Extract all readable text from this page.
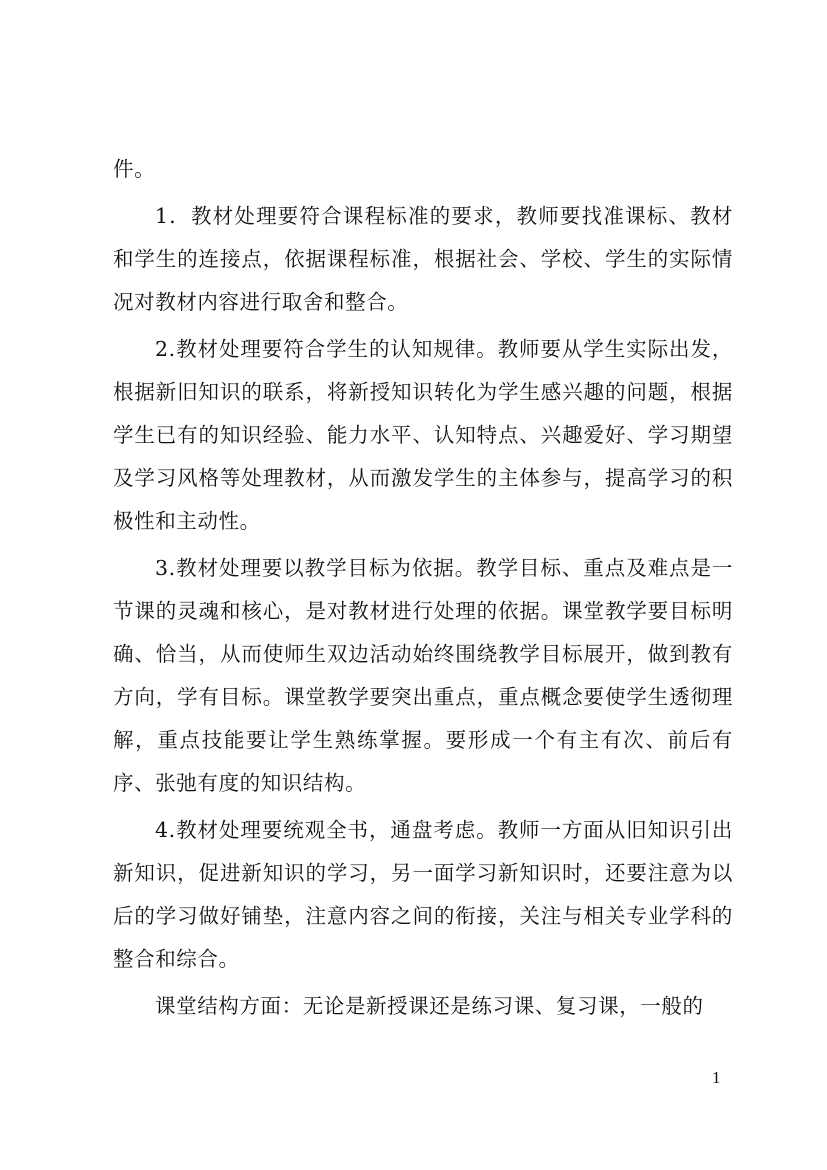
件。

1．教材处理要符合课程标准的要求，教师要找准课标、教材和学生的连接点，依据课程标准，根据社会、学校、学生的实际情况对教材内容进行取舍和整合。

2.教材处理要符合学生的认知规律。教师要从学生实际出发，根据新旧知识的联系，将新授知识转化为学生感兴趣的问题，根据学生已有的知识经验、能力水平、认知特点、兴趣爱好、学习期望及学习风格等处理教材，从而激发学生的主体参与，提高学习的积极性和主动性。

3.教材处理要以教学目标为依据。教学目标、重点及难点是一节课的灵魂和核心，是对教材进行处理的依据。课堂教学要目标明确、恰当，从而使师生双边活动始终围绕教学目标展开，做到教有方向，学有目标。课堂教学要突出重点，重点概念要使学生透彻理解，重点技能要让学生熟练掌握。要形成一个有主有次、前后有序、张弛有度的知识结构。

4.教材处理要统观全书，通盘考虑。教师一方面从旧知识引出新知识，促进新知识的学习，另一面学习新知识时，还要注意为以后的学习做好铺垫，注意内容之间的衔接，关注与相关专业学科的整合和综合。

课堂结构方面：无论是新授课还是练习课、复习课，一般的

1
